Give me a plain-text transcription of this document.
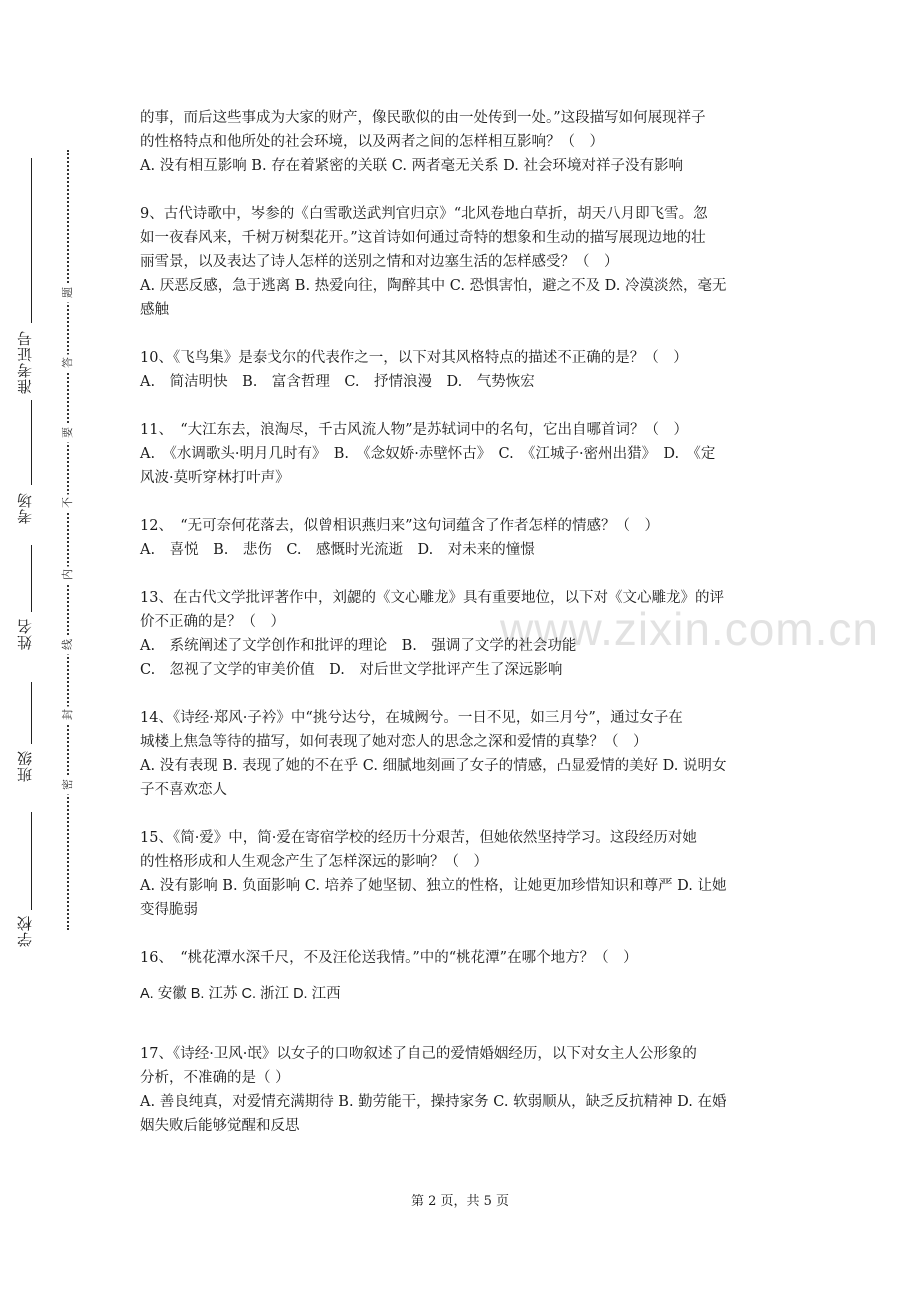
准考证号
考场
姓名
班级
学校
题
答
要
不
内
线
封
密
www.zixin.com.cn

的事，而后这些事成为大家的财产，像民歌似的由一处传到一处。”这段描写如何展现祥子

的性格特点和他所处的社会环境，以及两者之间的怎样相互影响？（　）

A. 没有相互影响 B. 存在着紧密的关联 C. 两者毫无关系 D. 社会环境对祥子没有影响

9、古代诗歌中，岑参的《白雪歌送武判官归京》“北风卷地白草折，胡天八月即飞雪。忽

如一夜春风来，千树万树梨花开。”这首诗如何通过奇特的想象和生动的描写展现边地的壮

丽雪景，以及表达了诗人怎样的送别之情和对边塞生活的怎样感受？（　）

A. 厌恶反感，急于逃离 B. 热爱向往，陶醉其中 C. 恐惧害怕，避之不及 D. 冷漠淡然，毫无

感触

10、《飞鸟集》是泰戈尔的代表作之一，以下对其风格特点的描述不正确的是？（　）

A.　简洁明快　B.　富含哲理　C.　抒情浪漫　D.　气势恢宏

11、　“大江东去，浪淘尽，千古风流人物”是苏轼词中的名句，它出自哪首词？（　）

A.　《水调歌头·明月几时有》　B.　《念奴娇·赤壁怀古》　C.　《江城子·密州出猎》　D.　《定

风波·莫听穿林打叶声》

12、　“无可奈何花落去，似曾相识燕归来”这句词蕴含了作者怎样的情感？（　）

A.　喜悦　B.　悲伤　C.　感慨时光流逝　D.　对未来的憧憬

13、在古代文学批评著作中，刘勰的《文心雕龙》具有重要地位，以下对《文心雕龙》的评

价不正确的是？（　）

A.　系统阐述了文学创作和批评的理论　B.　强调了文学的社会功能

C.　忽视了文学的审美价值　D.　对后世文学批评产生了深远影响

14、《诗经·郑风·子衿》中“挑兮达兮，在城阙兮。一日不见，如三月兮”，通过女子在

城楼上焦急等待的描写，如何表现了她对恋人的思念之深和爱情的真挚？（　）

A. 没有表现 B. 表现了她的不在乎 C. 细腻地刻画了女子的情感，凸显爱情的美好 D. 说明女

子不喜欢恋人

15、《简·爱》中，简·爱在寄宿学校的经历十分艰苦，但她依然坚持学习。这段经历对她

的性格形成和人生观念产生了怎样深远的影响？（　）

A. 没有影响 B. 负面影响 C. 培养了她坚韧、独立的性格，让她更加珍惜知识和尊严 D. 让她

变得脆弱

16、　“桃花潭水深千尺，不及汪伦送我情。”中的“桃花潭”在哪个地方？（　）

A. 安徽 B. 江苏 C. 浙江 D. 江西

17、《诗经·卫风·氓》以女子的口吻叙述了自己的爱情婚姻经历，以下对女主人公形象的

分析，不准确的是（ ）

A. 善良纯真，对爱情充满期待 B. 勤劳能干，操持家务 C. 软弱顺从，缺乏反抗精神 D. 在婚

姻失败后能够觉醒和反思

第 2 页，共 5 页
